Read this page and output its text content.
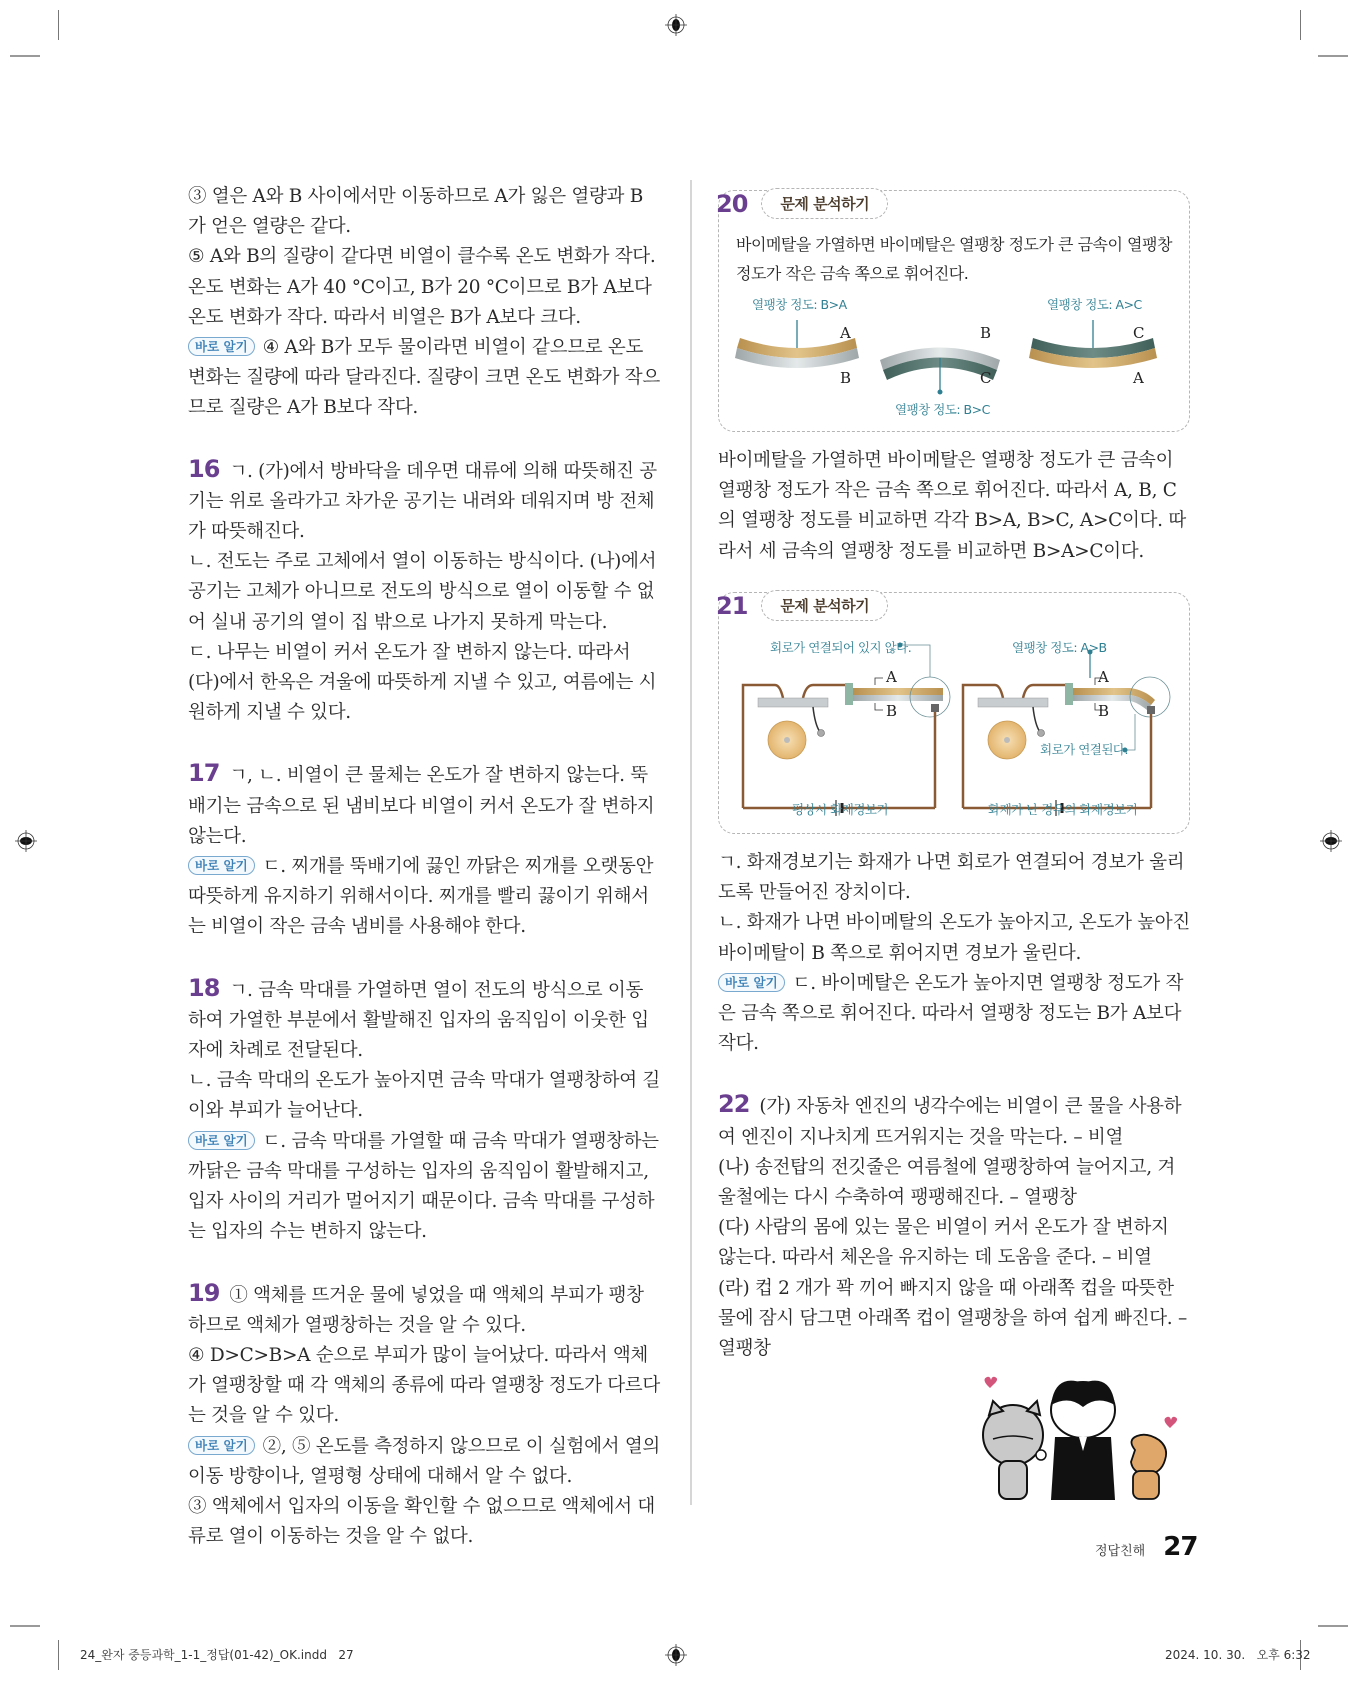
③ 열은 A와 B 사이에서만 이동하므로 A가 잃은 열량과 B가 얻은 열량은 같다.

⑤ A와 B의 질량이 같다면 비열이 클수록 온도 변화가 작다. 온도 변화는 A가 40 °C이고, B가 20 °C이므로 B가 A보다 온도 변화가 작다. 따라서 비열은 B가 A보다 크다.

바로 알기 ④ A와 B가 모두 물이라면 비열이 같으므로 온도 변화는 질량에 따라 달라진다. 질량이 크면 온도 변화가 작으므로 질량은 A가 B보다 작다.

16 ㄱ. (가)에서 방바닥을 데우면 대류에 의해 따뜻해진 공기는 위로 올라가고 차가운 공기는 내려와 데워지며 방 전체가 따뜻해진다.

ㄴ. 전도는 주로 고체에서 열이 이동하는 방식이다. (나)에서 공기는 고체가 아니므로 전도의 방식으로 열이 이동할 수 없어 실내 공기의 열이 집 밖으로 나가지 못하게 막는다.

ㄷ. 나무는 비열이 커서 온도가 잘 변하지 않는다. 따라서 (다)에서 한옥은 겨울에 따뜻하게 지낼 수 있고, 여름에는 시원하게 지낼 수 있다.

17 ㄱ, ㄴ. 비열이 큰 물체는 온도가 잘 변하지 않는다. 뚝배기는 금속으로 된 냄비보다 비열이 커서 온도가 잘 변하지 않는다.

바로 알기 ㄷ. 찌개를 뚝배기에 끓인 까닭은 찌개를 오랫동안 따뜻하게 유지하기 위해서이다. 찌개를 빨리 끓이기 위해서는 비열이 작은 금속 냄비를 사용해야 한다.

18 ㄱ. 금속 막대를 가열하면 열이 전도의 방식으로 이동하여 가열한 부분에서 활발해진 입자의 움직임이 이웃한 입자에 차례로 전달된다.

ㄴ. 금속 막대의 온도가 높아지면 금속 막대가 열팽창하여 길이와 부피가 늘어난다.

바로 알기 ㄷ. 금속 막대를 가열할 때 금속 막대가 열팽창하는 까닭은 금속 막대를 구성하는 입자의 움직임이 활발해지고, 입자 사이의 거리가 멀어지기 때문이다. 금속 막대를 구성하는 입자의 수는 변하지 않는다.

19 ① 액체를 뜨거운 물에 넣었을 때 액체의 부피가 팽창하므로 액체가 열팽창하는 것을 알 수 있다.

④ D>C>B>A 순으로 부피가 많이 늘어났다. 따라서 액체가 열팽창할 때 각 액체의 종류에 따라 열팽창 정도가 다르다는 것을 알 수 있다.

바로 알기 ②, ⑤ 온도를 측정하지 않으므로 이 실험에서 열의 이동 방향이나, 열평형 상태에 대해서 알 수 없다.

③ 액체에서 입자의 이동을 확인할 수 없으므로 액체에서 대류로 열이 이동하는 것을 알 수 없다.

20	문제 분석하기
바이메탈을 가열하면 바이메탈은 열팽창 정도가 큰 금속이 열팽창 정도가 작은 금속 쪽으로 휘어진다.
열팽창 정도: B>A
A
B
열팽창 정도: B>C
B
C
열팽창 정도: A>C
C
A

바이메탈을 가열하면 바이메탈은 열팽창 정도가 큰 금속이 열팽창 정도가 작은 금속 쪽으로 휘어진다. 따라서 A, B, C의 열팽창 정도를 비교하면 각각 B>A, B>C, A>C이다. 따라서 세 금속의 열팽창 정도를 비교하면 B>A>C이다.

21	문제 분석하기
회로가 연결되어 있지 않다.
A
B
평상시 화재경보기
열팽창 정도: A>B
A
B
회로가 연결된다.
화재가 난 경우의 화재경보기

ㄱ. 화재경보기는 화재가 나면 회로가 연결되어 경보가 울리도록 만들어진 장치이다.

ㄴ. 화재가 나면 바이메탈의 온도가 높아지고, 온도가 높아진 바이메탈이 B 쪽으로 휘어지면 경보가 울린다.

바로 알기 ㄷ. 바이메탈은 온도가 높아지면 열팽창 정도가 작은 금속 쪽으로 휘어진다. 따라서 열팽창 정도는 B가 A보다 작다.

22 (가) 자동차 엔진의 냉각수에는 비열이 큰 물을 사용하여 엔진이 지나치게 뜨거워지는 것을 막는다. – 비열

(나) 송전탑의 전깃줄은 여름철에 열팽창하여 늘어지고, 겨울철에는 다시 수축하여 팽팽해진다. – 열팽창

(다) 사람의 몸에 있는 물은 비열이 커서 온도가 잘 변하지 않는다. 따라서 체온을 유지하는 데 도움을 준다. – 비열

(라) 컵 2 개가 꽉 끼어 빠지지 않을 때 아래쪽 컵을 따뜻한 물에 잠시 담그면 아래쪽 컵이 열팽창을 하여 쉽게 빠진다. – 열팽창

정답친해 27
24_완자 중등과학_1-1_정답(01-42)_OK.indd   27	2024. 10. 30.   오후 6:32
